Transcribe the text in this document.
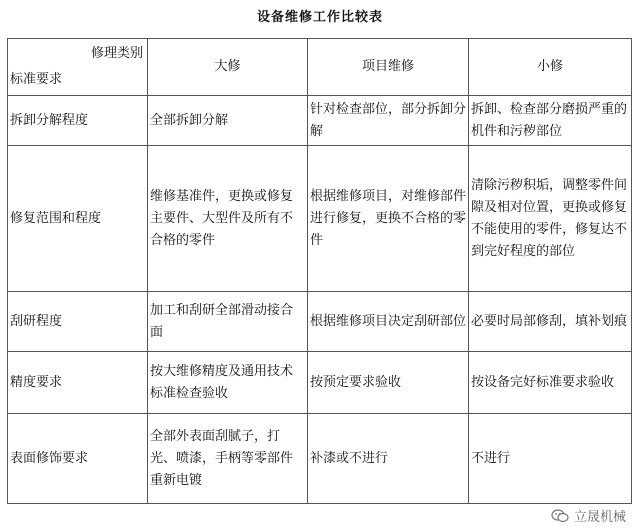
设备维修工作比较表
修理类别
标准要求	大修	项目维修	小修
拆卸分解程度	全部拆卸分解	针对检查部位，部分拆卸分解	拆卸、检查部分磨损严重的机件和污秽部位
修复范围和程度	维修基准件，更换或修复主要件、大型件及所有不合格的零件	根据维修项目，对维修部件进行修复，更换不合格的零件	清除污秽积垢，调整零件间隙及相对位置，更换或修复不能使用的零件，修复达不到完好程度的部位
刮研程度	加工和刮研全部滑动接合面	根据维修项目决定刮研部位	必要时局部修刮，填补划痕
精度要求	按大维修精度及通用技术标准检查验收	按预定要求验收	按设备完好标准要求验收
表面修饰要求	全部外表面刮腻子，打光、喷漆，手柄等零部件重新电镀	补漆或不进行	不进行
立晟机械
